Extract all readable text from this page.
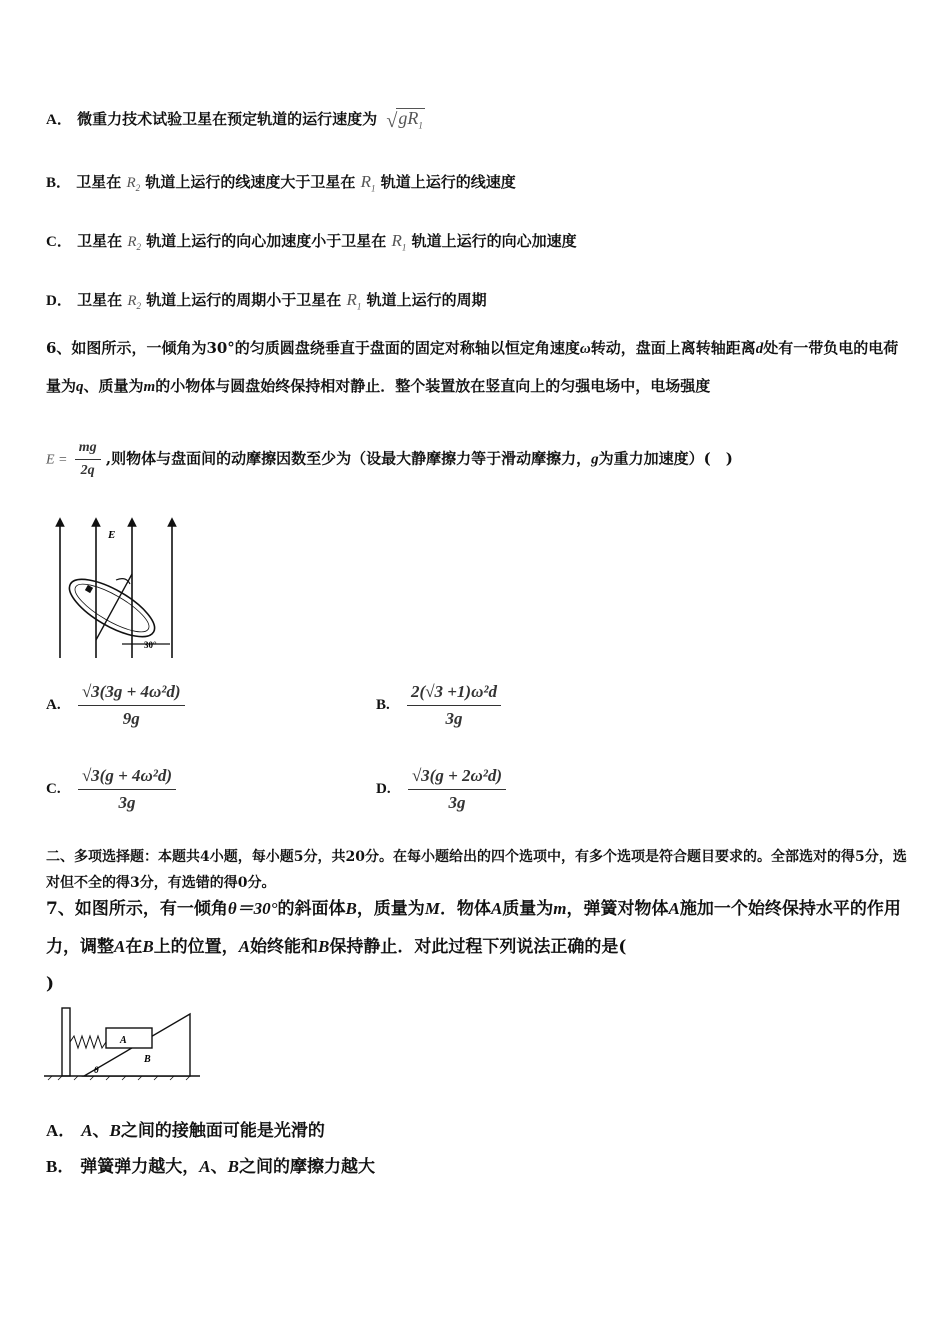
A． 微重力技术试验卫星在预定轨道的运行速度为 √ $gR_1$
B． 卫星在 $R_2$ 轨道上运行的线速度大于卫星在 $R_1$ 轨道上运行的线速度
C． 卫星在 $R_2$ 轨道上运行的向心加速度小于卫星在 $R_1$ 轨道上运行的向心加速度
D． 卫星在 $R_2$ 轨道上运行的周期小于卫星在 $R_1$ 轨道上运行的周期
6、如图所示，一倾角为30°的匀质圆盘绕垂直于盘面的固定对称轴以恒定角速度ω转动，盘面上离转轴距离d处有一带负电的电荷量为q、质量为m的小物体与圆盘始终保持相对静止．整个装置放在竖直向上的匀强电场中，电场强度
$E = \frac{mg}{2q}$ ,则物体与盘面间的动摩擦因数至少为（设最大静摩擦力等于滑动摩擦力，g为重力加速度）(　)
E
30°
A. $\frac{\text{√3(3g + 4ω²d)}}{9g}$	B. $\frac{\text{2(√3 +1)ω²d}}{3g}$
C. $\frac{\text{√3(g + 4ω²d)}}{3g}$	D. $\frac{\text{√3(g + 2ω²d)}}{3g}$
二、多项选择题：本题共4小题，每小题5分，共20分。在每小题给出的四个选项中，有多个选项是符合题目要求的。全部选对的得5分，选对但不全的得3分，有选错的得0分。
7、如图所示，有一倾角θ＝30°的斜面体B，质量为M．物体A质量为m，弹簧对物体A施加一个始终保持水平的作用力，调整A在B上的位置，A始终能和B保持静止．对此过程下列说法正确的是(
)
A
B
θ
A． A、B之间的接触面可能是光滑的
B． 弹簧弹力越大，A、B之间的摩擦力越大
